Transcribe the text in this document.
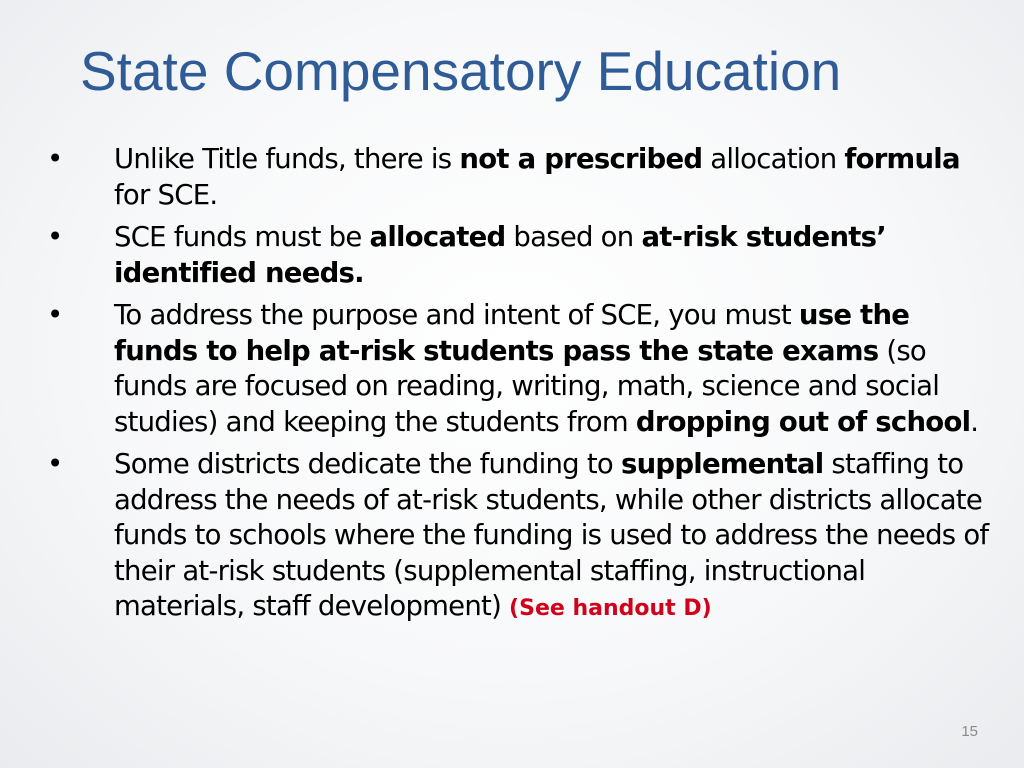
State Compensatory Education
• Unlike Title funds, there is not a prescribed allocation formula for SCE.
• SCE funds must be allocated based on at-risk students’ identified needs.
• To address the purpose and intent of SCE, you must use the funds to help at-risk students pass the state exams (so funds are focused on reading, writing, math, science and social studies) and keeping the students from dropping out of school.
• Some districts dedicate the funding to supplemental staffing to address the needs of at-risk students, while other districts allocate funds to schools where the funding is used to address the needs of their at-risk students (supplemental staffing, instructional materials, staff development) (See handout D)
15
